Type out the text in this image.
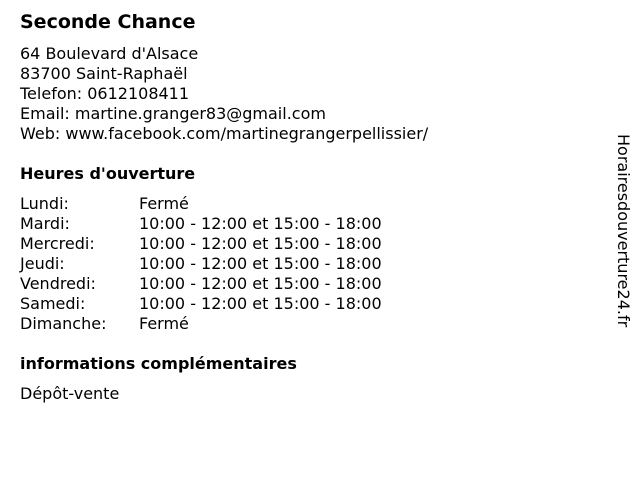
Seconde Chance
64 Boulevard d'Alsace
83700 Saint-Raphaël
Telefon: 0612108411
Email: martine.granger83@gmail.com
Web: www.facebook.com/martinegrangerpellissier/
Heures d'ouverture
Lundi:	Fermé
Mardi:	10:00 - 12:00 et 15:00 - 18:00
Mercredi:	10:00 - 12:00 et 15:00 - 18:00
Jeudi:	10:00 - 12:00 et 15:00 - 18:00
Vendredi:	10:00 - 12:00 et 15:00 - 18:00
Samedi:	10:00 - 12:00 et 15:00 - 18:00
Dimanche: Fermé
informations complémentaires
Dépôt-vente
Horairesdouverture24.fr
